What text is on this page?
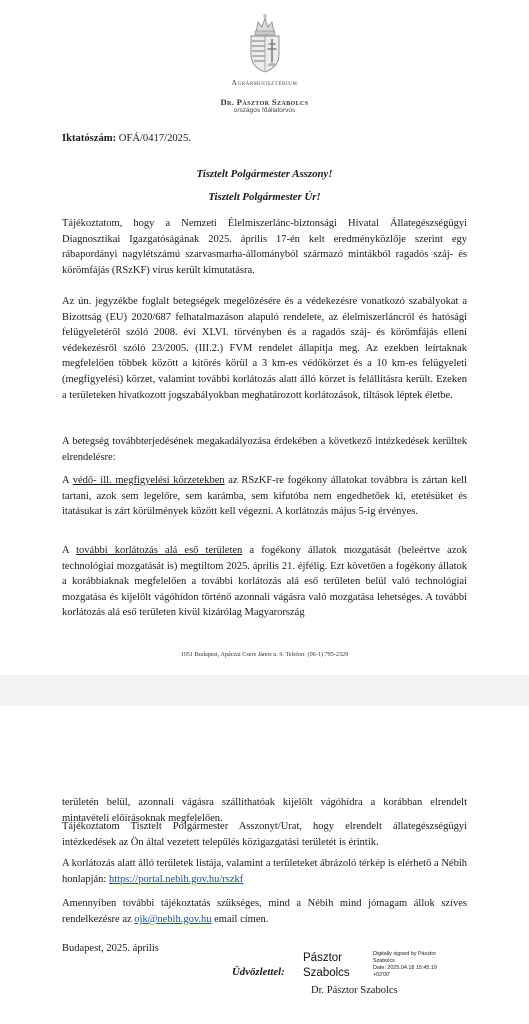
Agrárminisztérium
Dr. Pásztor Szabolcs
országos főállatorvos
Iktatószám: OFÁ/0417/2025.
Tisztelt Polgármester Asszony!
Tisztelt Polgármester Úr!

Tájékoztatom, hogy a Nemzeti Élelmiszerlánc-biztonsági Hivatal Állategészségügyi Diagnosztikai Igazgatóságának 2025. április 17-én kelt eredményközlője szerint egy rábapordányi nagylétszámú szarvasmarha-állományból származó mintákból ragadós száj- és körömfájás (RSzKF) vírus került kimutatásra.

Az ún. jegyzékbe foglalt betegségek megelőzésére és a védekezésre vonatkozó szabályokat a Bizottság (EU) 2020/687 felhatalmazáson alapuló rendelete, az élelmiszerláncról és hatósági felügyeletéről szóló 2008. évi XLVI. törvényben és a ragadós száj- és körömfájás elleni védekezésről szóló 23/2005. (III.2.) FVM rendelet állapítja meg. Az ezekben leírtaknak megfelelően többek között a kitörés körül a 3 km-es védőkörzet és a 10 km-es felügyeleti (megfigyelési) körzet, valamint további korlátozás alatt álló körzet is felállításra került. Ezeken a területeken hivatkozott jogszabályokban meghatározott korlátozások, tiltások léptek életbe.

A betegség továbbterjedésének megakadályozása érdekében a következő intézkedések kerültek elrendelésre:

A védő- ill. megfigyelési körzetekben az RSzKF-re fogékony állatokat továbbra is zártan kell tartani, azok sem legelőre, sem karámba, sem kifutóba nem engedhetőek ki, etetésüket és itatásukat is zárt körülmények között kell végezni. A korlátozás május 5-ig érvényes.

A további korlátozás alá eső területen a fogékony állatok mozgatását (beleértve azok technológiai mozgatását is) megtiltom 2025. április 21. éjfélig. Ezt követően a fogékony állatok a korábbiaknak megfelelően a további korlátozás alá eső területen belül való technológiai mozgatása és kijelölt vágóhídon történő azonnali vágásra való mozgatása lehetséges. A további korlátozás alá eső területen kívül kizárólag Magyarország

1051 Budapest, Apáczai Csere János u. 9. Telefon: (06-1) 795-2329

területén belül, azonnali vágásra szállíthatóak kijelölt vágóhídra a korábban elrendelt mintavételi előírásoknak megfelelően.

Tájékoztatom Tisztelt Polgármester Asszonyt/Urat, hogy elrendelt állategészségügyi intézkedések az Ön által vezetett település közigazgatási területét is érintik.

A korlátozás alatt álló területek listája, valamint a területeket ábrázoló térkép is elérhető a Nébih honlapján: https://portal.nebih.gov.hu/rszkf

Amennyiben további tájékoztatás szükséges, mind a Nébih mind jómagam állok szíves rendelkezésre az ojk@nebih.gov.hu email címen.

Budapest, 2025. április
Üdvözlettel:
Pásztor
Szabolcs
Digitally signed by Pásztor
Szabolcs
Date: 2025.04.18 15:45:19
+02'00'
Dr. Pásztor Szabolcs
